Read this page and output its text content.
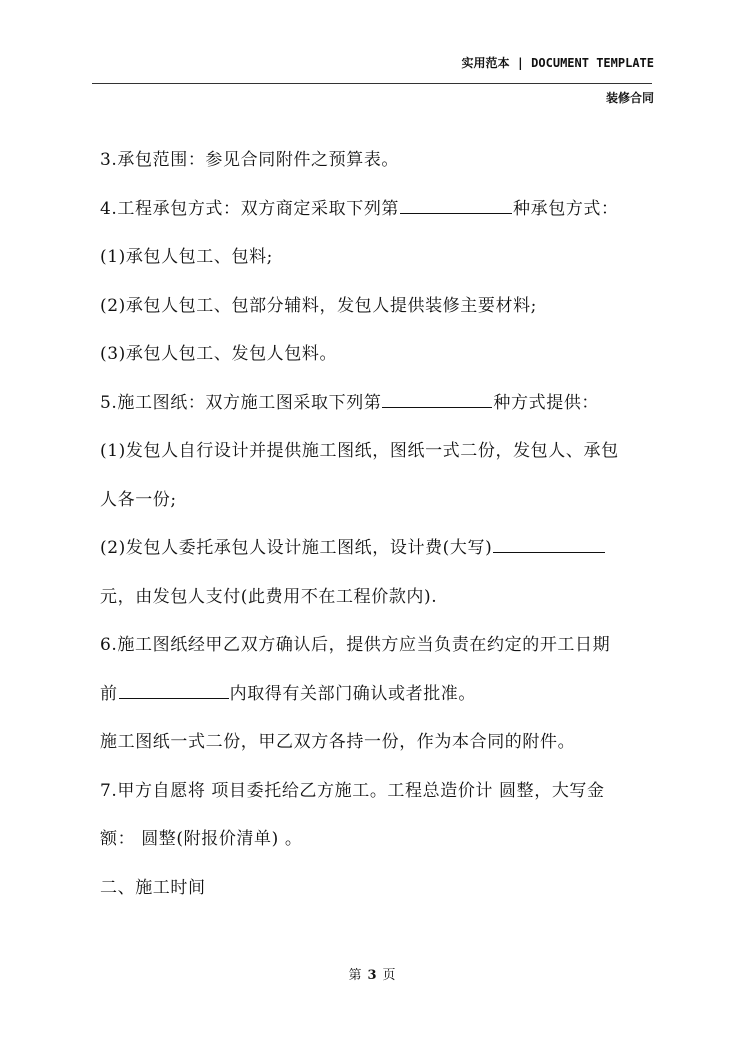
实用范本 | DOCUMENT TEMPLATE
装修合同
3.承包范围：参见合同附件之预算表。
4.工程承包方式：双方商定采取下列第	种承包方式：
(1)承包人包工、包料;
(2)承包人包工、包部分辅料，发包人提供装修主要材料;
(3)承包人包工、发包人包料。
5.施工图纸：双方施工图采取下列第	种方式提供：
(1)发包人自行设计并提供施工图纸，图纸一式二份，发包人、承包
人各一份;
(2)发包人委托承包人设计施工图纸，设计费(大写)
元，由发包人支付(此费用不在工程价款内).
6.施工图纸经甲乙双方确认后，提供方应当负责在约定的开工日期
前	内取得有关部门确认或者批准。
施工图纸一式二份，甲乙双方各持一份，作为本合同的附件。
7.甲方自愿将 项目委托给乙方施工。工程总造价计 圆整，大写金
额： 圆整(附报价清单) 。
二、施工时间
第 3 页
